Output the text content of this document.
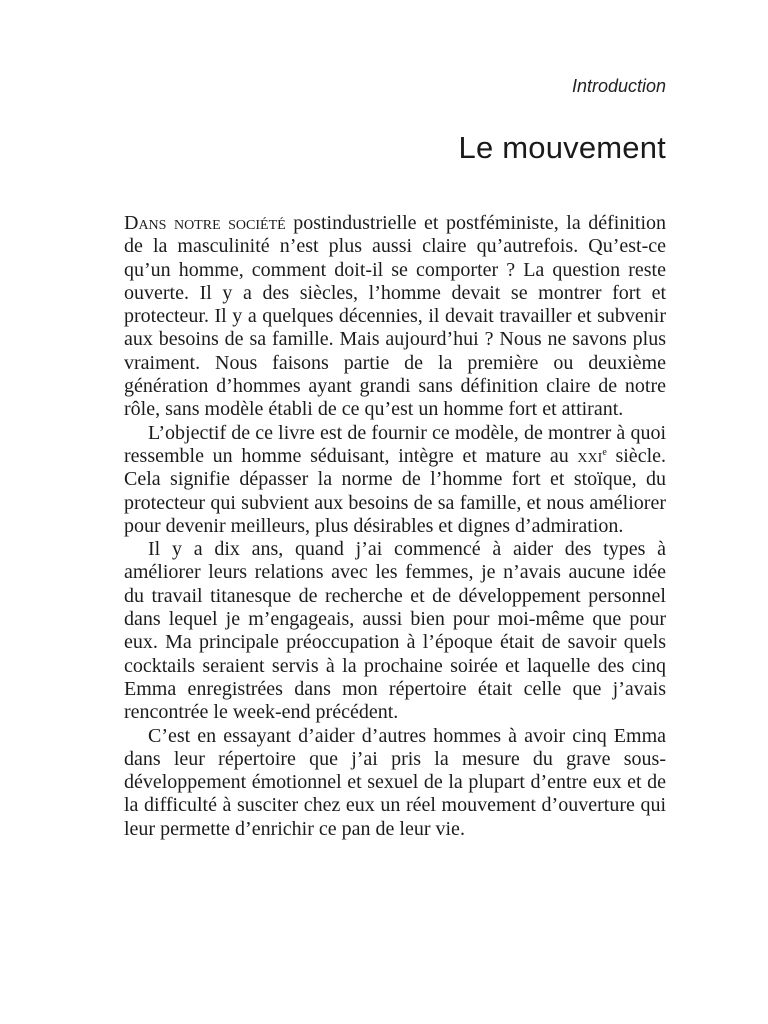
Introduction

Le mouvement

Dans notre société postindustrielle et postféministe, la définition de la masculinité n’est plus aussi claire qu’autrefois. Qu’est-ce qu’un homme, comment doit-il se comporter ? La question reste ouverte. Il y a des siècles, l’homme devait se montrer fort et protecteur. Il y a quelques décennies, il devait travailler et subvenir aux besoins de sa famille. Mais aujourd’hui ? Nous ne savons plus vraiment. Nous faisons partie de la première ou deuxième génération d’hommes ayant grandi sans définition claire de notre rôle, sans modèle établi de ce qu’est un homme fort et attirant.

L’objectif de ce livre est de fournir ce modèle, de montrer à quoi ressemble un homme séduisant, intègre et mature au xxi$^e$ siècle. Cela signifie dépasser la norme de l’homme fort et stoïque, du protecteur qui subvient aux besoins de sa famille, et nous améliorer pour devenir meilleurs, plus désirables et dignes d’admiration.

Il y a dix ans, quand j’ai commencé à aider des types à améliorer leurs relations avec les femmes, je n’avais aucune idée du travail titanesque de recherche et de développement personnel dans lequel je m’engageais, aussi bien pour moi-même que pour eux. Ma principale préoccupation à l’époque était de savoir quels cocktails seraient servis à la prochaine soirée et laquelle des cinq Emma enregistrées dans mon répertoire était celle que j’avais rencontrée le week-end précédent.

C’est en essayant d’aider d’autres hommes à avoir cinq Emma dans leur répertoire que j’ai pris la mesure du grave sous-développement émotionnel et sexuel de la plupart d’entre eux et de la difficulté à susciter chez eux un réel mouvement d’ouverture qui leur permette d’enrichir ce pan de leur vie.
